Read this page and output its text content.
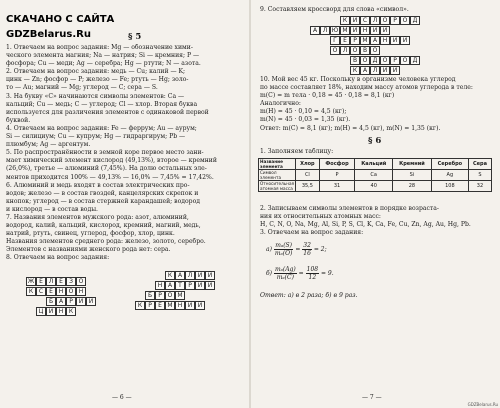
СКАЧАНО С САЙТА
GDZBelarus.Ru	§ 5
1. Отвечаем на вопрос задания: Mg — обозначение хими-
ческого элемента магния; Na — натрия; Si — кремния; P —
фосфора; Cu — меди; Ag — серебра; Hg — ртути; N — азота.
2. Отвечаем на вопрос задания: медь — Cu; калий — K;
цинк — Zn; фосфор — P; железо — Fe; ртуть — Hg; золо-
то — Au; магний — Mg; углерод — C; сера — S.
3. На букву «C» начинаются символы элементов: Ca —
кальций; Cu — медь; C — углерод; Cl — хлор. Вторая буква
используется для различения элементов с одинаковой первой
буквой.
4. Отвечаем на вопрос задания: Fe — феррум; Au — аурум;
Si — силициум; Cu — купрум; Hg — гидраргирум; Pb —
плюмбум; Ag — аргентум.
5. По распространённости в земной коре первое место зани-
мает химический элемент кислород (49,13%), второе — кремний
(26,0%), третье — алюминий (7,45%). На долю остальных эле-
ментов приходится 100% — 49,13% — 16,0% — 7,45% = 17,42%.
6. Алюминий и медь входят в состав электрических про-
водов; железо — в состав гвоздей, канцелярских скрепок и
кнопок; углерод — в состав стержней карандашей; водород
и кислород — в состав воды.
7. Названия элементов мужского рода: азот, алюминий,
водород, калий, кальций, кислород, кремний, магний, медь,
натрий, ртуть, свинец, углерод, фосфор, хлор, цинк.
Названия элементов среднего рода: железо, золото, серебро.
Элементов с названиями женского рода нет: сера.
8. Отвечаем на вопрос задания:
Ж Е Л Е	З О
К С	Е Н О Н
Б А	Р И Й
Ц И Н К
К А Л И Й
Н А	Т	Р И Й
Б	Р О М
К	Р	Е М Н И Й
— 6 —
9. Составляем кроссворд для слова «символ».
К И С Л О Р О Д
А Л Ю М И Н И Й
Г	Е	Р М А Н И Й
О Л О В О
В О Д О Р О Д
К А Л И Й
10. Мой вес 45 кг. Поскольку в организме человека углерод
по массе составляет 18%, находим массу атомов углерода в теле:
m(C) = m тела · 0,18 = 45 · 0,18 = 8,1 (кг)
Аналогично:
m(H) = 45 · 0,10 = 4,5 (кг);
m(N) = 45 · 0,03 = 1,35 (кг).
Ответ: m(C) = 8,1 (кг); m(H) = 4,5 (кг), m(N) = 1,35 (кг).
§ 6
1. Заполняем таблицу:
Название элемента	Хлор	Фосфор	Кальций	Кремний	Серебро	Сера
Символ элемента	Cl	P	Ca	Si	Ag	S
Относительная атомная масса	35,5	31	40	28	108	32
2. Записываем символы элементов в порядке возраста-
ния их относительных атомных масс:
H, C, N, O, Na, Mg, Al, Si, P, S, Cl, K, Ca, Fe, Cu, Zn, Ag, Au, Hg, Pb.
3. Отвечаем на вопрос задания:
$а) \frac{\text{mₐ(S)}}{\text{mₐ(O)}} = \frac{32}{16} = 2$;
$б) \frac{\text{mₐ(Ag)}}{\text{mₐ(C)}} = \frac{108}{12} = 9$.
Ответ: а) в 2 раза; б) в 9 раз.
— 7 —
GDZBelarus.Ru
